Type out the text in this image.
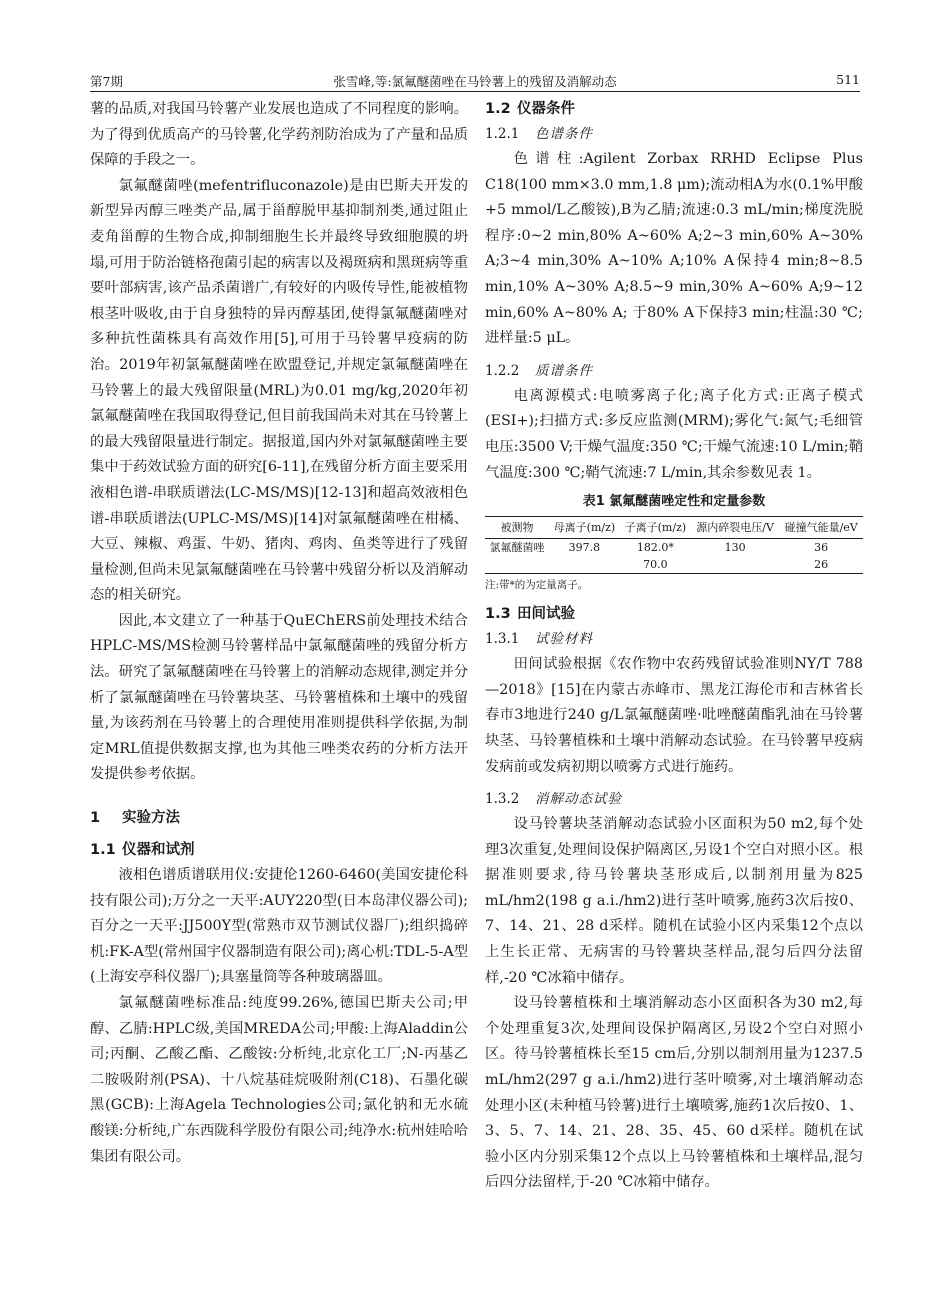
第7期	张雪峰,等:氯氟醚菌唑在马铃薯上的残留及消解动态	511

薯的品质,对我国马铃薯产业发展也造成了不同程度的影响。为了得到优质高产的马铃薯,化学药剂防治成为了产量和品质保障的手段之一。

氯氟醚菌唑(mefentrifluconazole)是由巴斯夫开发的新型异丙醇三唑类产品,属于甾醇脱甲基抑制剂类,通过阻止麦角甾醇的生物合成,抑制细胞生长并最终导致细胞膜的坍塌,可用于防治链格孢菌引起的病害以及褐斑病和黑斑病等重要叶部病害,该产品杀菌谱广,有较好的内吸传导性,能被植物根茎叶吸收,由于自身独特的异丙醇基团,使得氯氟醚菌唑对多种抗性菌株具有高效作用[5],可用于马铃薯早疫病的防治。2019年初氯氟醚菌唑在欧盟登记,并规定氯氟醚菌唑在马铃薯上的最大残留限量(MRL)为0.01 mg/kg,2020年初氯氟醚菌唑在我国取得登记,但目前我国尚未对其在马铃薯上的最大残留限量进行制定。据报道,国内外对氯氟醚菌唑主要集中于药效试验方面的研究[6-11],在残留分析方面主要采用液相色谱-串联质谱法(LC-MS/MS)[12-13]和超高效液相色谱-串联质谱法(UPLC-MS/MS)[14]对氯氟醚菌唑在柑橘、大豆、辣椒、鸡蛋、牛奶、猪肉、鸡肉、鱼类等进行了残留量检测,但尚未见氯氟醚菌唑在马铃薯中残留分析以及消解动态的相关研究。

因此,本文建立了一种基于QuEChERS前处理技术结合HPLC-MS/MS检测马铃薯样品中氯氟醚菌唑的残留分析方法。研究了氯氟醚菌唑在马铃薯上的消解动态规律,测定并分析了氯氟醚菌唑在马铃薯块茎、马铃薯植株和土壤中的残留量,为该药剂在马铃薯上的合理使用准则提供科学依据,为制定MRL值提供数据支撑,也为其他三唑类农药的分析方法开发提供参考依据。

1 实验方法
1.1 仪器和试剂

液相色谱质谱联用仪:安捷伦1260-6460(美国安捷伦科技有限公司);万分之一天平:AUY220型(日本岛津仪器公司);百分之一天平:JJ500Y型(常熟市双节测试仪器厂);组织捣碎机:FK-A型(常州国宇仪器制造有限公司);离心机:TDL-5-A型(上海安亭科仪器厂);具塞量筒等各种玻璃器皿。

氯氟醚菌唑标准品:纯度99.26%,德国巴斯夫公司;甲醇、乙腈:HPLC级,美国MREDA公司;甲酸:上海Aladdin公司;丙酮、乙酸乙酯、乙酸铵:分析纯,北京化工厂;N-丙基乙二胺吸附剂(PSA)、十八烷基硅烷吸附剂(C18)、石墨化碳黑(GCB):上海Agela Technologies公司;氯化钠和无水硫酸镁:分析纯,广东西陇科学股份有限公司;纯净水:杭州娃哈哈集团有限公司。

1.2 仪器条件
1.2.1 色谱条件

色谱柱:Agilent Zorbax RRHD Eclipse Plus C18(100 mm×3.0 mm,1.8 μm);流动相A为水(0.1%甲酸+5 mmol/L乙酸铵),B为乙腈;流速:0.3 mL/min;梯度洗脱程序:0~2 min,80% A~60% A;2~3 min,60% A~30% A;3~4 min,30% A~10% A;10% A保持4 min;8~8.5 min,10% A~30% A;8.5~9 min,30% A~60% A;9~12 min,60% A~80% A; 于80% A下保持3 min;柱温:30 ℃;进样量:5 μL。

1.2.2 质谱条件

电离源模式:电喷雾离子化;离子化方式:正离子模式(ESI+);扫描方式:多反应监测(MRM);雾化气:氮气;毛细管电压:3500 V;干燥气温度:350 ℃;干燥气流速:10 L/min;鞘气温度:300 ℃;鞘气流速:7 L/min,其余参数见表 1。

表1 氯氟醚菌唑定性和定量参数
被测物	母离子(m/z)	子离子(m/z)	源内碎裂电压/V	碰撞气能量/eV
氯氟醚菌唑	397.8	182.0*	130	36
		70.0		26
注:带*的为定量离子。
1.3 田间试验
1.3.1 试验材料

田间试验根据《农作物中农药残留试验准则NY/T 788—2018》[15]在内蒙古赤峰市、黑龙江海伦市和吉林省长春市3地进行240 g/L氯氟醚菌唑·吡唑醚菌酯乳油在马铃薯块茎、马铃薯植株和土壤中消解动态试验。在马铃薯早疫病发病前或发病初期以喷雾方式进行施药。

1.3.2 消解动态试验

设马铃薯块茎消解动态试验小区面积为50 m2,每个处理3次重复,处理间设保护隔离区,另设1个空白对照小区。根据准则要求,待马铃薯块茎形成后,以制剂用量为825 mL/hm2(198 g a.i./hm2)进行茎叶喷雾,施药3次后按0、7、14、21、28 d采样。随机在试验小区内采集12个点以上生长正常、无病害的马铃薯块茎样品,混匀后四分法留样,-20 ℃冰箱中储存。

设马铃薯植株和土壤消解动态小区面积各为30 m2,每个处理重复3次,处理间设保护隔离区,另设2个空白对照小区。待马铃薯植株长至15 cm后,分别以制剂用量为1237.5 mL/hm2(297 g a.i./hm2)进行茎叶喷雾,对土壤消解动态处理小区(未种植马铃薯)进行土壤喷雾,施药1次后按0、1、3、5、7、14、21、28、35、45、60 d采样。随机在试验小区内分别采集12个点以上马铃薯植株和土壤样品,混匀后四分法留样,于-20 ℃冰箱中储存。
